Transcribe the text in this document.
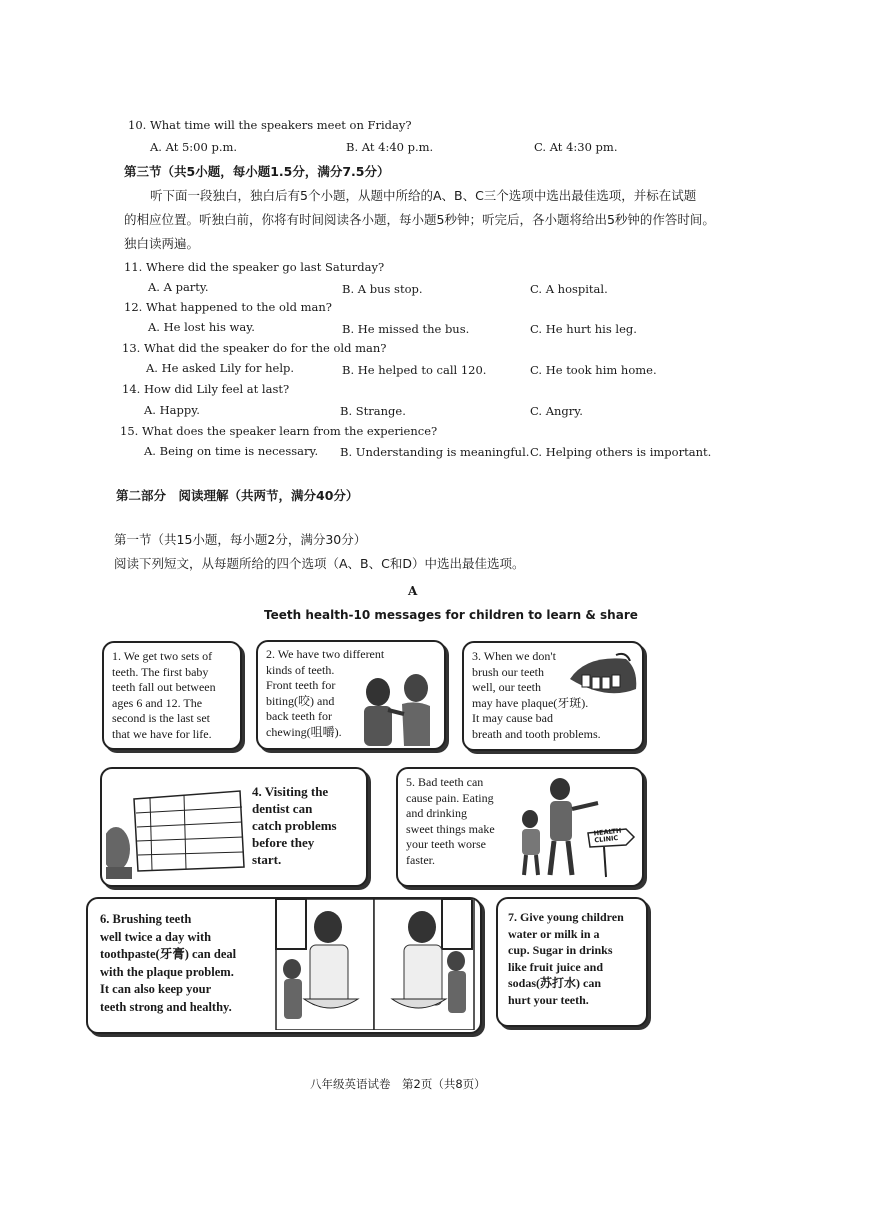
10. What time will the speakers meet on Friday?
A. At 5:00 p.m.	B. At 4:40 p.m.	C. At 4:30 pm.
第三节（共5小题，每小题1.5分，满分7.5分）
听下面一段独白，独白后有5个小题，从题中所给的A、B、C三个选项中选出最佳选项，并标在试题
的相应位置。听独白前，你将有时间阅读各小题，每小题5秒钟；听完后，各小题将给出5秒钟的作答时间。
独白读两遍。
11. Where did the speaker go last Saturday?
A. A party.	B. A bus stop.	C. A hospital.
12. What happened to the old man?
A. He lost his way.	B. He missed the bus.	C. He hurt his leg.
13. What did the speaker do for the old man?
A. He asked Lily for help.	B. He helped to call 120.	C. He took him home.
14. How did Lily feel at last?
A. Happy.	B. Strange.	C. Angry.
15. What does the speaker learn from the experience?
A. Being on time is necessary. B. Understanding is meaningful. C. Helping others is important.
第二部分　阅读理解（共两节，满分40分）
第一节（共15小题，每小题2分，满分30分）
阅读下列短文，从每题所给的四个选项（A、B、C和D）中选出最佳选项。
A
Teeth health-10 messages for children to learn & share
1. We get two sets of
teeth. The first baby
teeth fall out between
ages 6 and 12. The
second is the last set
that we have for life.
2. We have two different
kinds of teeth.
Front teeth for
biting(咬) and
back teeth for
chewing(咀嚼).
3. When we don't
brush our teeth
well, our teeth
may have plaque(牙斑).
It may cause bad
breath and tooth problems.
4. Visiting the
dentist can
catch problems
before they
start.
5. Bad teeth can
cause pain. Eating
and drinking
sweet things make
your teeth worse
faster.
HEALTH
CLINIC
6. Brushing teeth
well twice a day with
toothpaste(牙膏) can deal
with the plaque problem.
It can also keep your
teeth strong and healthy.
7. Give young children
water or milk in a
cup. Sugar in drinks
like fruit juice and
sodas(苏打水) can
hurt your teeth.
八年级英语试卷　第2页（共8页）
